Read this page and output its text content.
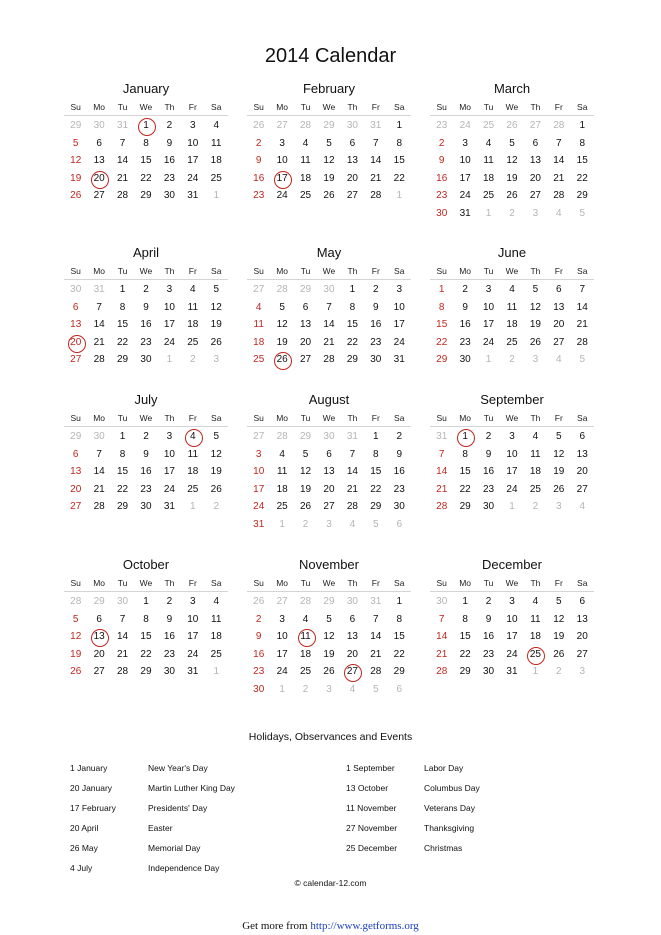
2014 Calendar
January
Su	Mo	Tu	We	Th	Fr	Sa
29	30	31	1	2	3	4
5	6	7	8	9	10	11
12	13	14	15	16	17	18
19	20	21	22	23	24	25
26	27	28	29	30	31	1
February
Su	Mo	Tu	We	Th	Fr	Sa
26	27	28	29	30	31	1
2	3	4	5	6	7	8
9	10	11	12	13	14	15
16	17	18	19	20	21	22
23	24	25	26	27	28	1
March
Su	Mo	Tu	We	Th	Fr	Sa
23	24	25	26	27	28	1
2	3	4	5	6	7	8
9	10	11	12	13	14	15
16	17	18	19	20	21	22
23	24	25	26	27	28	29
30	31	1	2	3	4	5
April
Su	Mo	Tu	We	Th	Fr	Sa
30	31	1	2	3	4	5
6	7	8	9	10	11	12
13	14	15	16	17	18	19
20	21	22	23	24	25	26
27	28	29	30	1	2	3
May
Su	Mo	Tu	We	Th	Fr	Sa
27	28	29	30	1	2	3
4	5	6	7	8	9	10
11	12	13	14	15	16	17
18	19	20	21	22	23	24
25	26	27	28	29	30	31
June
Su	Mo	Tu	We	Th	Fr	Sa
1	2	3	4	5	6	7
8	9	10	11	12	13	14
15	16	17	18	19	20	21
22	23	24	25	26	27	28
29	30	1	2	3	4	5
July
Su	Mo	Tu	We	Th	Fr	Sa
29	30	1	2	3	4	5
6	7	8	9	10	11	12
13	14	15	16	17	18	19
20	21	22	23	24	25	26
27	28	29	30	31	1	2
August
Su	Mo	Tu	We	Th	Fr	Sa
27	28	29	30	31	1	2
3	4	5	6	7	8	9
10	11	12	13	14	15	16
17	18	19	20	21	22	23
24	25	26	27	28	29	30
31	1	2	3	4	5	6
September
Su	Mo	Tu	We	Th	Fr	Sa
31	1	2	3	4	5	6
7	8	9	10	11	12	13
14	15	16	17	18	19	20
21	22	23	24	25	26	27
28	29	30	1	2	3	4
October
Su	Mo	Tu	We	Th	Fr	Sa
28	29	30	1	2	3	4
5	6	7	8	9	10	11
12	13	14	15	16	17	18
19	20	21	22	23	24	25
26	27	28	29	30	31	1
November
Su	Mo	Tu	We	Th	Fr	Sa
26	27	28	29	30	31	1
2	3	4	5	6	7	8
9	10	11	12	13	14	15
16	17	18	19	20	21	22
23	24	25	26	27	28	29
30	1	2	3	4	5	6
December
Su	Mo	Tu	We	Th	Fr	Sa
30	1	2	3	4	5	6
7	8	9	10	11	12	13
14	15	16	17	18	19	20
21	22	23	24	25	26	27
28	29	30	31	1	2	3
Holidays, Observances and Events
1 January	New Year's Day
20 January	Martin Luther King Day
17 February	Presidents' Day
20 April	Easter
26 May	Memorial Day
4 July	Independence Day
1 September	Labor Day
13 October	Columbus Day
11 November	Veterans Day
27 November	Thanksgiving
25 December	Christmas
© calendar-12.com
Get more from http://www.getforms.org
